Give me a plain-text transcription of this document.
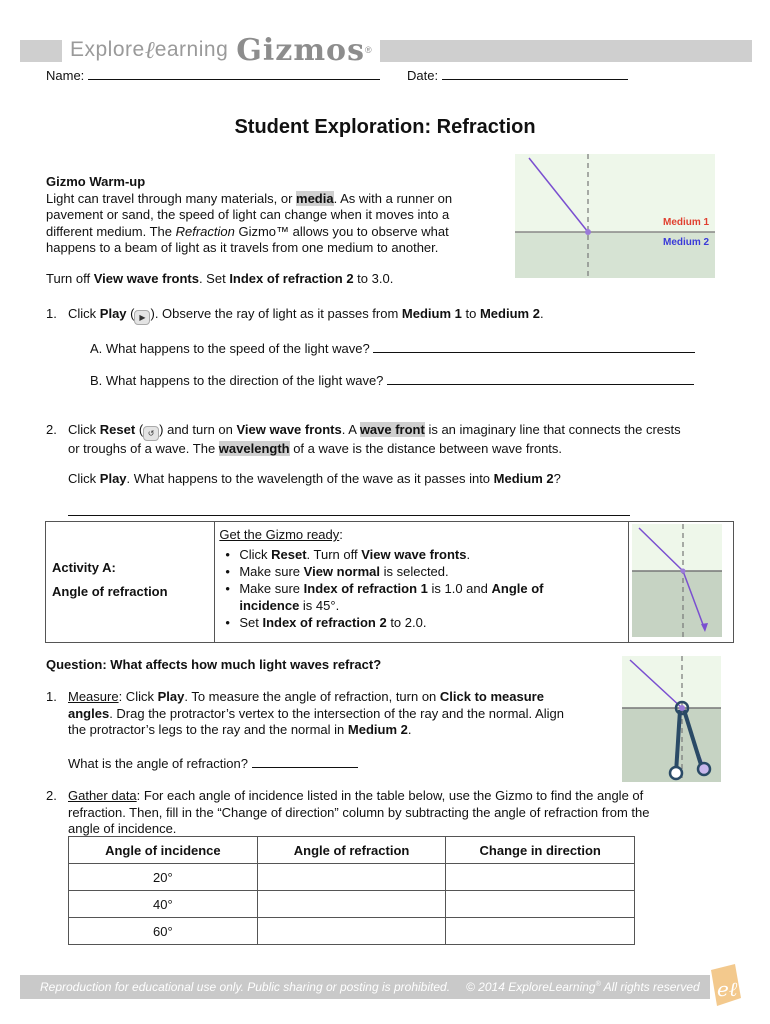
Explore ℓ earning Gizmos ®
Name:	Date:
Student Exploration: Refraction
Gizmo Warm-up
Light can travel through many materials, or media. As with a runner on
pavement or sand, the speed of light can change when it moves into a
different medium. The Refraction Gizmo™ allows you to observe what
happens to a beam of light as it travels from one medium to another.
Medium 1
Medium 2
Turn off View wave fronts. Set Index of refraction 2 to 3.0.
1. Click Play ( ▶ ). Observe the ray of light as it passes from Medium 1 to Medium 2.
A. What happens to the speed of the light wave?
B. What happens to the direction of the light wave?
2. Click Reset ( ↺ ) and turn on View wave fronts. A wave front is an imaginary line that connects the crests
or troughs of a wave. The wavelength of a wave is the distance between wave fronts.
Click Play. What happens to the wavelength of the wave as it passes into Medium 2?
Activity A:
Angle of refraction

Get the Gizmo ready:
• Click Reset. Turn off View wave fronts.
• Make sure View normal is selected.
• Make sure Index of refraction 1 is 1.0 and Angle of
incidence is 45°.
• Set Index of refraction 2 to 2.0.

Question: What affects how much light waves refract?
1. Measure: Click Play. To measure the angle of refraction, turn on Click to measure
angles. Drag the protractor’s vertex to the intersection of the ray and the normal. Align
the protractor’s legs to the ray and the normal in Medium 2.
What is the angle of refraction?
2. Gather data: For each angle of incidence listed in the table below, use the Gizmo to find the angle of
refraction. Then, fill in the “Change of direction” column by subtracting the angle of refraction from the
angle of incidence.
Angle of incidence	Angle of refraction	Change in direction
20°		
40°		
60°		
Reproduction for educational use only. Public sharing or posting is prohibited. © 2014 ExploreLearning® All rights reserved eℓ
